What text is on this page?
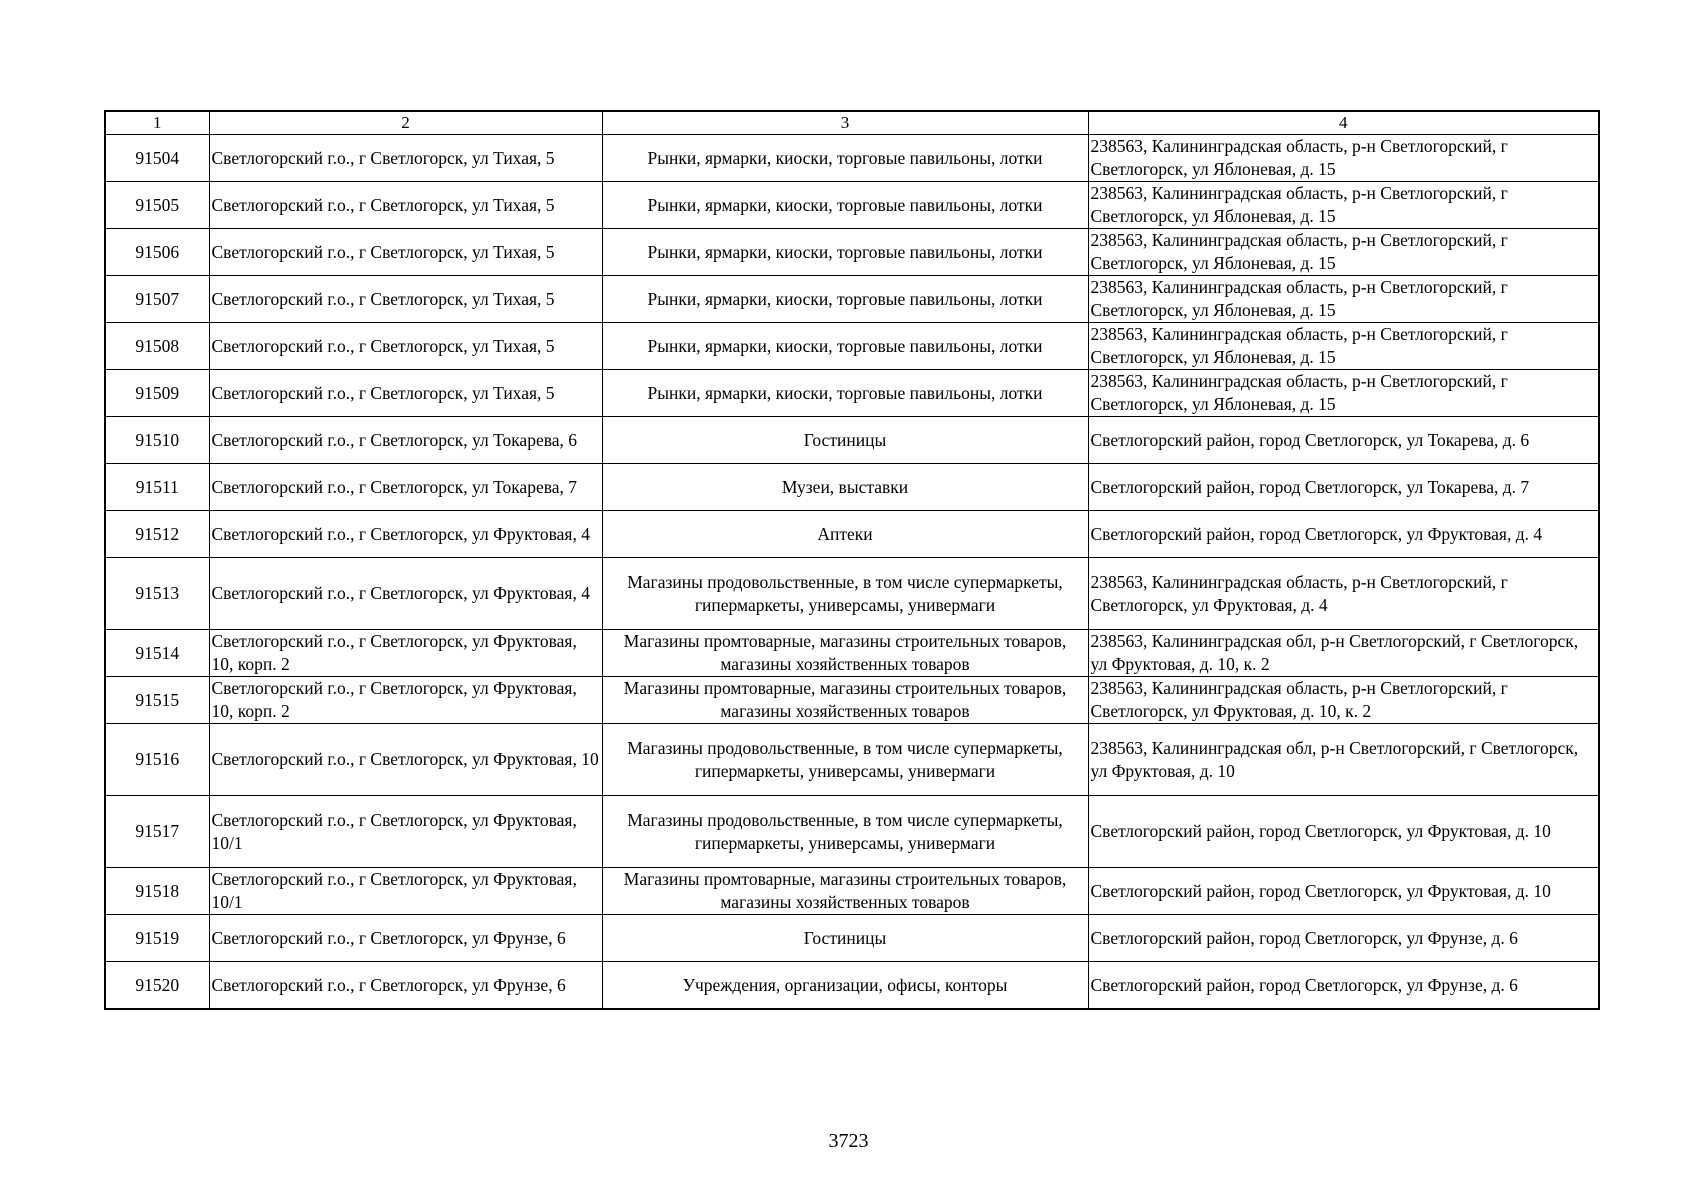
1	2	3	4
91504	Светлогорский г.о., г Светлогорск, ул Тихая, 5	Рынки, ярмарки, киоски, торговые павильоны, лотки	238563, Калининградская область, р-н Светлогорский, г Светлогорск, ул Яблоневая, д. 15
91505	Светлогорский г.о., г Светлогорск, ул Тихая, 5	Рынки, ярмарки, киоски, торговые павильоны, лотки	238563, Калининградская область, р-н Светлогорский, г Светлогорск, ул Яблоневая, д. 15
91506	Светлогорский г.о., г Светлогорск, ул Тихая, 5	Рынки, ярмарки, киоски, торговые павильоны, лотки	238563, Калининградская область, р-н Светлогорский, г Светлогорск, ул Яблоневая, д. 15
91507	Светлогорский г.о., г Светлогорск, ул Тихая, 5	Рынки, ярмарки, киоски, торговые павильоны, лотки	238563, Калининградская область, р-н Светлогорский, г Светлогорск, ул Яблоневая, д. 15
91508	Светлогорский г.о., г Светлогорск, ул Тихая, 5	Рынки, ярмарки, киоски, торговые павильоны, лотки	238563, Калининградская область, р-н Светлогорский, г Светлогорск, ул Яблоневая, д. 15
91509	Светлогорский г.о., г Светлогорск, ул Тихая, 5	Рынки, ярмарки, киоски, торговые павильоны, лотки	238563, Калининградская область, р-н Светлогорский, г Светлогорск, ул Яблоневая, д. 15
91510	Светлогорский г.о., г Светлогорск, ул Токарева, 6	Гостиницы	Светлогорский район, город Светлогорск, ул Токарева, д. 6
91511	Светлогорский г.о., г Светлогорск, ул Токарева, 7	Музеи, выставки	Светлогорский район, город Светлогорск, ул Токарева, д. 7
91512	Светлогорский г.о., г Светлогорск, ул Фруктовая, 4	Аптеки	Светлогорский район, город Светлогорск, ул Фруктовая, д. 4
91513	Светлогорский г.о., г Светлогорск, ул Фруктовая, 4	Магазины продовольственные, в том числе супермаркеты, гипермаркеты, универсамы, универмаги	238563, Калининградская область, р-н Светлогорский, г Светлогорск, ул Фруктовая, д. 4
91514	Светлогорский г.о., г Светлогорск, ул Фруктовая, 10, корп. 2	Магазины промтоварные, магазины строительных товаров, магазины хозяйственных товаров	238563, Калининградская обл, р-н Светлогорский, г Светлогорск, ул Фруктовая, д. 10, к. 2
91515	Светлогорский г.о., г Светлогорск, ул Фруктовая, 10, корп. 2	Магазины промтоварные, магазины строительных товаров, магазины хозяйственных товаров	238563, Калининградская область, р-н Светлогорский, г Светлогорск, ул Фруктовая, д. 10, к. 2
91516	Светлогорский г.о., г Светлогорск, ул Фруктовая, 10	Магазины продовольственные, в том числе супермаркеты, гипермаркеты, универсамы, универмаги	238563, Калининградская обл, р-н Светлогорский, г Светлогорск, ул Фруктовая, д. 10
91517	Светлогорский г.о., г Светлогорск, ул Фруктовая, 10/1	Магазины продовольственные, в том числе супермаркеты, гипермаркеты, универсамы, универмаги	Светлогорский район, город Светлогорск, ул Фруктовая, д. 10
91518	Светлогорский г.о., г Светлогорск, ул Фруктовая, 10/1	Магазины промтоварные, магазины строительных товаров, магазины хозяйственных товаров	Светлогорский район, город Светлогорск, ул Фруктовая, д. 10
91519	Светлогорский г.о., г Светлогорск, ул Фрунзе, 6	Гостиницы	Светлогорский район, город Светлогорск, ул Фрунзе, д. 6
91520	Светлогорский г.о., г Светлогорск, ул Фрунзе, 6	Учреждения, организации, офисы, конторы	Светлогорский район, город Светлогорск, ул Фрунзе, д. 6
3723
